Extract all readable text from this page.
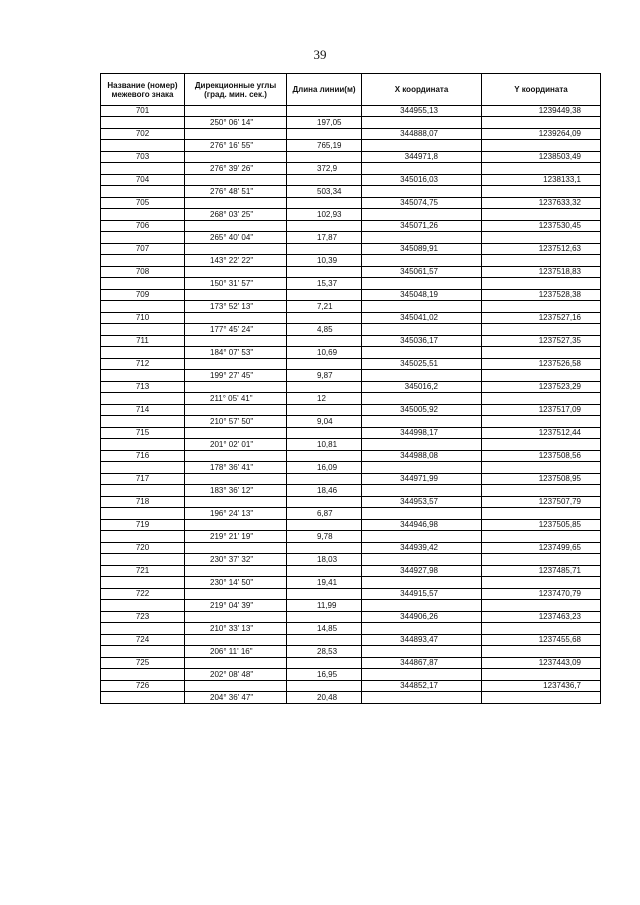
39
Название (номер) межевого знака	Дирекционные углы (град. мин. сек.)	Длина линии(м)	X координата	Y координата
701			344955,13	1239449,38
	250° 06' 14"	197,05		
702			344888,07	1239264,09
	276° 16' 55"	765,19		
703			344971,8	1238503,49
	276° 39' 26"	372,9		
704			345016,03	1238133,1
	276° 48' 51"	503,34		
705			345074,75	1237633,32
	268° 03' 25"	102,93		
706			345071,26	1237530,45
	265° 40' 04"	17,87		
707			345089,91	1237512,63
	143° 22' 22"	10,39		
708			345061,57	1237518,83
	150° 31' 57"	15,37		
709			345048,19	1237528,38
	173° 52' 13"	7,21		
710			345041,02	1237527,16
	177° 45' 24"	4,85		
711			345036,17	1237527,35
	184° 07' 53"	10,69		
712			345025,51	1237526,58
	199° 27' 45"	9,87		
713			345016,2	1237523,29
	211° 05' 41"	12		
714			345005,92	1237517,09
	210° 57' 50"	9,04		
715			344998,17	1237512,44
	201° 02' 01"	10,81		
716			344988,08	1237508,56
	178° 36' 41"	16,09		
717			344971,99	1237508,95
	183° 36' 12"	18,46		
718			344953,57	1237507,79
	196° 24' 13"	6,87		
719			344946,98	1237505,85
	219° 21' 19"	9,78		
720			344939,42	1237499,65
	230° 37' 32"	18,03		
721			344927,98	1237485,71
	230° 14' 50"	19,41		
722			344915,57	1237470,79
	219° 04' 39"	11,99		
723			344906,26	1237463,23
	210° 33' 13"	14,85		
724			344893,47	1237455,68
	206° 11' 16"	28,53		
725			344867,87	1237443,09
	202° 08' 48"	16,95		
726			344852,17	1237436,7
	204° 36' 47"	20,48		
